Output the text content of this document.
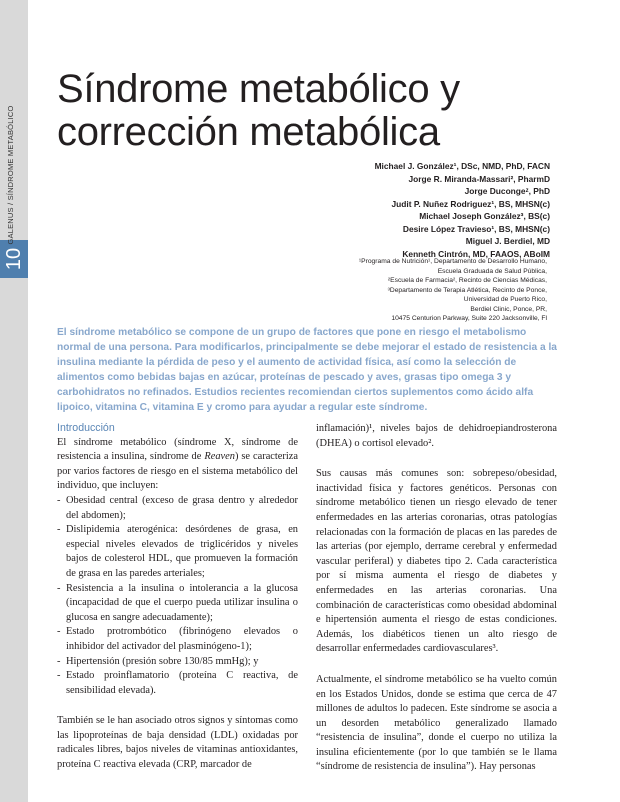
10
GALENUS / SÍNDROME METABÓLICO
Síndrome metabólico y
corrección metabólica
Michael J. González¹, DSc, NMD, PhD, FACN
Jorge R. Miranda-Massari², PharmD
Jorge Ducongeᶻ, PhD
Judit P. Nuñez Rodriguez¹, BS, MHSN(c)
Michael Joseph González³, BS(c)
Desire López Travieso¹, BS, MHSN(c)
Miguel J. Berdiel, MD
Kenneth Cintrón, MD, FAAOS, ABoIM
¹Programa de Nutrición¹, Departamento de Desarrollo Humano,
Escuela Graduada de Salud Pública,
²Escuela de Farmacia², Recinto de Ciencias Médicas,
³Departamento de Terapia Atlética, Recinto de Ponce,
Universidad de Puerto Rico,
Berdiel Clinic, Ponce, PR,
10475 Centurion Parkway, Suite 220 Jacksonville, Fl

El síndrome metabólico se compone de un grupo de factores que pone en riesgo el metabolismo normal de una persona. Para modificarlos, principalmente se debe mejorar el estado de resistencia a la insulina mediante la pérdida de peso y el aumento de actividad física, así como la selección de alimentos como bebidas bajas en azúcar, proteínas de pescado y aves, grasas tipo omega 3 y carbohidratos no refinados. Estudios recientes recomiendan ciertos suplementos como ácido alfa lipoico, vitamina C, vitamina E y cromo para ayudar a regular este síndrome.

Introducción

El síndrome metabólico (síndrome X, síndrome de resistencia a insulina, síndrome de Reaven) se caracteriza por varios factores de riesgo en el sistema metabólico del individuo, que incluyen:

- Obesidad central (exceso de grasa dentro y alrededor del abdomen);
- Dislipidemia aterogénica: desórdenes de grasa, en especial niveles elevados de triglicéridos y niveles bajos de colesterol HDL, que promueven la formación de grasa en las paredes arteriales;
- Resistencia a la insulina o intolerancia a la glucosa (incapacidad de que el cuerpo pueda utilizar insulina o glucosa en sangre adecuadamente);
- Estado protrombótico (fibrinógeno elevados o inhibidor del activador del plasminógeno-1);
- Hipertensión (presión sobre 130/85 mmHg); y
- Estado proinflamatorio (proteína C reactiva, de sensibilidad elevada).

También se le han asociado otros signos y síntomas como las lipoproteínas de baja densidad (LDL) oxidadas por radicales libres, bajos niveles de vitaminas antioxidantes, proteína C reactiva elevada (CRP, marcador de

inflamación)¹, niveles bajos de dehidroepiandrosterona (DHEA) o cortisol elevado².

Sus causas más comunes son: sobrepeso/obesidad, inactividad física y factores genéticos. Personas con síndrome metabólico tienen un riesgo elevado de tener enfermedades en las arterias coronarias, otras patologías relacionadas con la formación de placas en las paredes de las arterias (por ejemplo, derrame cerebral y enfermedad vascular periferal) y diabetes tipo 2. Cada característica por sí misma aumenta el riesgo de diabetes y enfermedades en las arterias coronarias. Una combinación de características como obesidad abdominal e hipertensión aumenta el riesgo de estas condiciones. Además, los diabéticos tienen un alto riesgo de desarrollar enfermedades cardiovasculares³.

Actualmente, el síndrome metabólico se ha vuelto común en los Estados Unidos, donde se estima que cerca de 47 millones de adultos lo padecen. Este síndrome se asocia a un desorden metabólico generalizado llamado “resistencia de insulina”, donde el cuerpo no utiliza la insulina eficientemente (por lo que también se le llama “síndrome de resistencia de insulina”). Hay personas
